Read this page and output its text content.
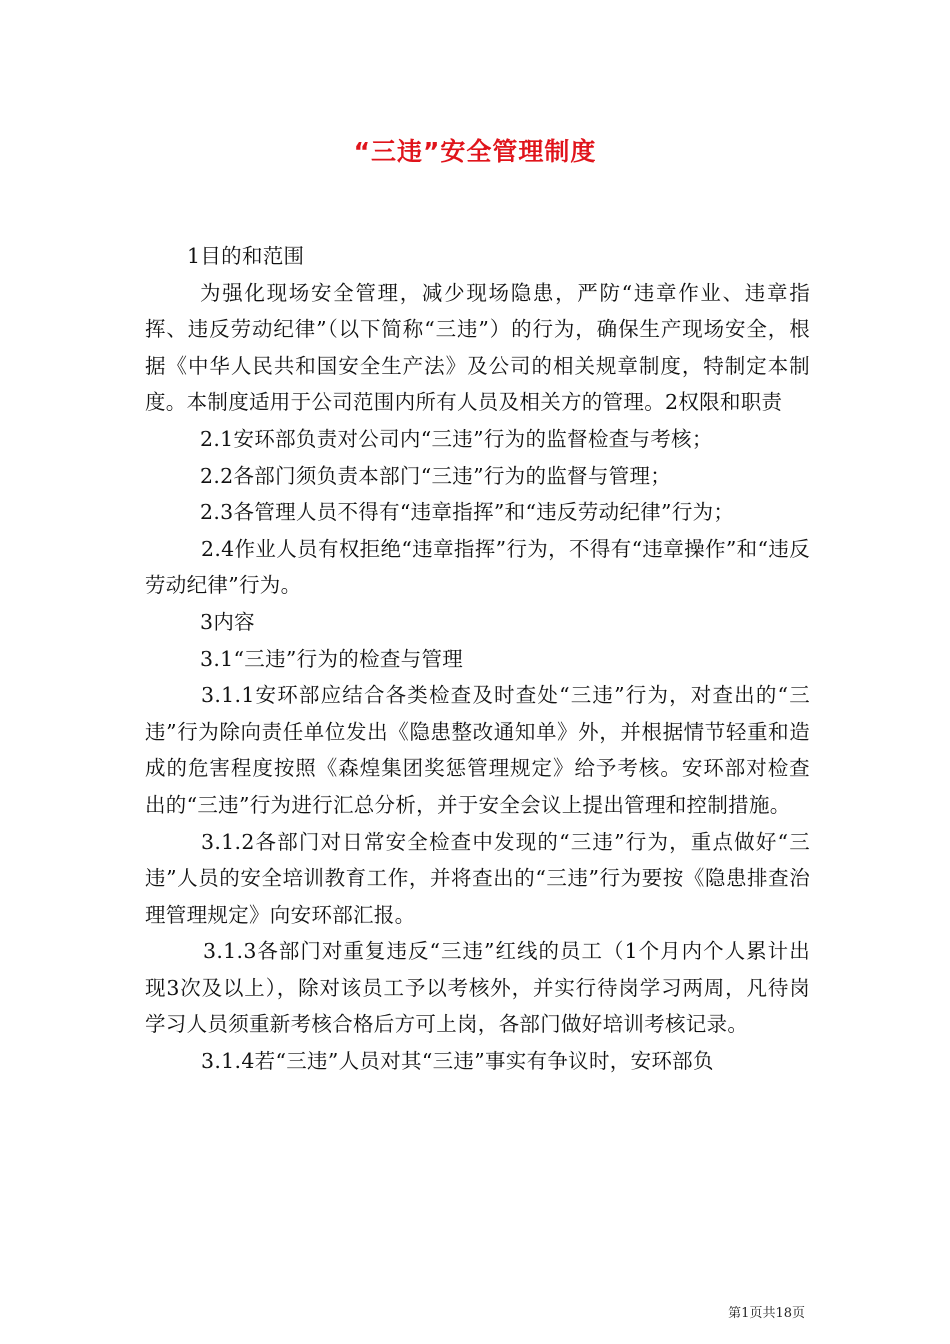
“三违”安全管理制度

1目的和范围

为强化现场安全管理，减少现场隐患，严防“违章作业、违章指挥、违反劳动纪律”（以下简称“三违”）的行为，确保生产现场安全，根据《中华人民共和国安全生产法》及公司的相关规章制度，特制定本制度。本制度适用于公司范围内所有人员及相关方的管理。2权限和职责

2.1安环部负责对公司内“三违”行为的监督检查与考核；

2.2各部门须负责本部门“三违”行为的监督与管理；

2.3各管理人员不得有“违章指挥”和“违反劳动纪律”行为；

2.4作业人员有权拒绝“违章指挥”行为，不得有“违章操作”和“违反劳动纪律”行为。

3内容

3.1“三违”行为的检查与管理

3.1.1安环部应结合各类检查及时查处“三违”行为，对查出的“三违”行为除向责任单位发出《隐患整改通知单》外，并根据情节轻重和造成的危害程度按照《森煌集团奖惩管理规定》给予考核。安环部对检查出的“三违”行为进行汇总分析，并于安全会议上提出管理和控制措施。

3.1.2各部门对日常安全检查中发现的“三违”行为，重点做好“三违”人员的安全培训教育工作，并将查出的“三违”行为要按《隐患排查治理管理规定》向安环部汇报。

3.1.3各部门对重复违反“三违”红线的员工（1个月内个人累计出现3次及以上），除对该员工予以考核外，并实行待岗学习两周，凡待岗学习人员须重新考核合格后方可上岗，各部门做好培训考核记录。

3.1.4若“三违”人员对其“三违”事实有争议时，安环部负

第1页共18页
